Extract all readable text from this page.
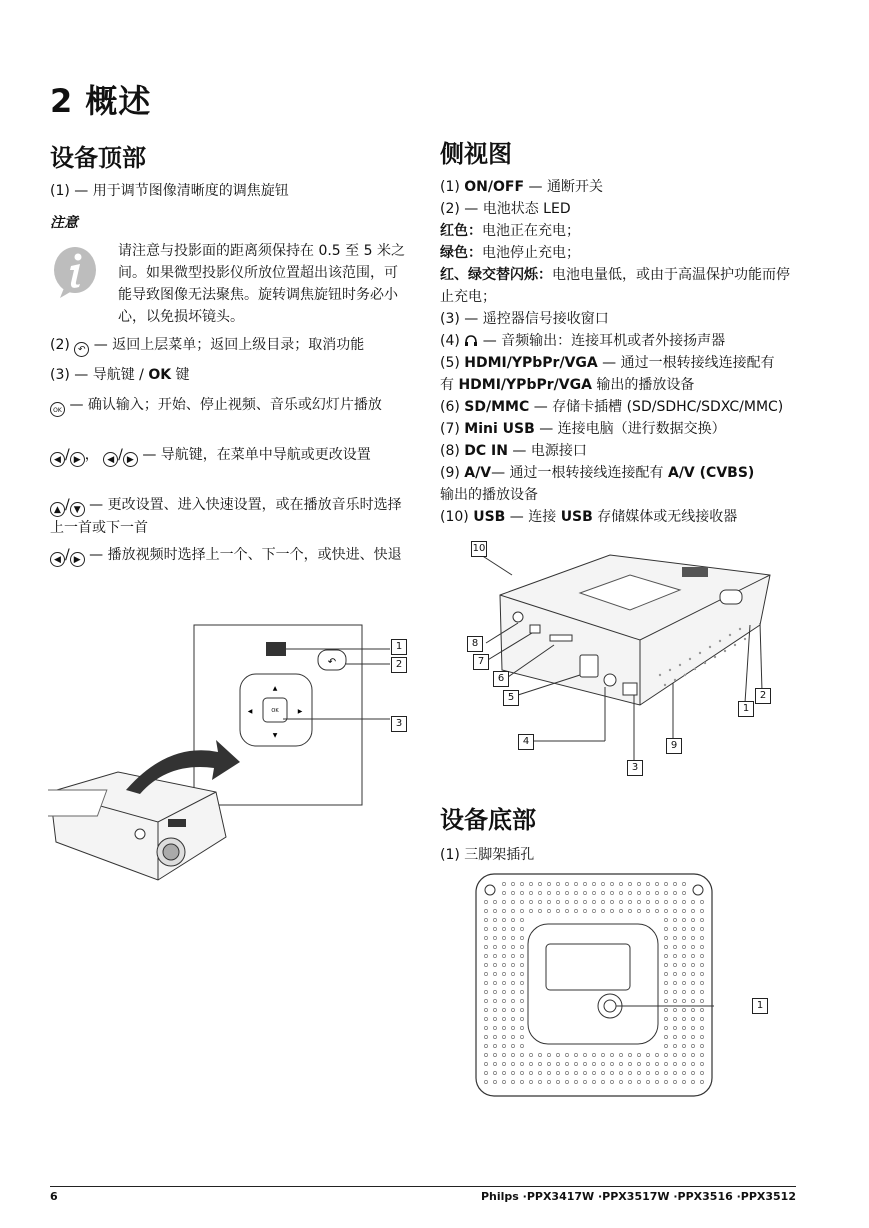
2 概述
设备顶部
(1) — 用于调节图像清晰度的调焦旋钮
注意
请注意与投影面的距离须保持在 0.5 至 5 米之间。如果微型投影仪所放位置超出该范围，可能导致图像无法聚焦。旋转调焦旋钮时务必小心，以免损坏镜头。
(2) ↶ — 返回上层菜单；返回上级目录；取消功能
(3) — 导航键 / OK 键
OK — 确认输入；开始、停止视频、音乐或幻灯片播放
◀ / ▶ ， ◀ / ▶ — 导航键，在菜单中导航或更改设置
▲ / ▼ — 更改设置、进入快速设置，或在播放音乐时选择上一首或下一首
◀ / ▶ — 播放视频时选择上一个、下一个，或快进、快退
↶
OK
▲
▼
◀	▶
1
2
3
侧视图
(1) ON/OFF — 通断开关
(2) — 电池状态 LED
红色：电池正在充电；
绿色：电池停止充电；
红、绿交替闪烁：电池电量低，或由于高温保护功能而停止充电；
(3) — 遥控器信号接收窗口
(4)  — 音频输出：连接耳机或者外接扬声器
(5) HDMI/YPbPr/VGA — 通过一根转接线连接配有
有 HDMI/YPbPr/VGA 输出的播放设备
(6) SD/MMC — 存储卡插槽 (SD/SDHC/SDXC/MMC)
(7) Mini USB — 连接电脑（进行数据交换）
(8) DC IN — 电源接口
(9) A/V— 通过一根转接线连接配有 A/V (CVBS)
输出的播放设备
(10) USB — 连接 USB 存储媒体或无线接收器
10
8
7
6
5
4
3
9
1
2
设备底部
(1) 三脚架插孔
1
6	Philps ·PPX3417W ·PPX3517W ·PPX3516 ·PPX3512
